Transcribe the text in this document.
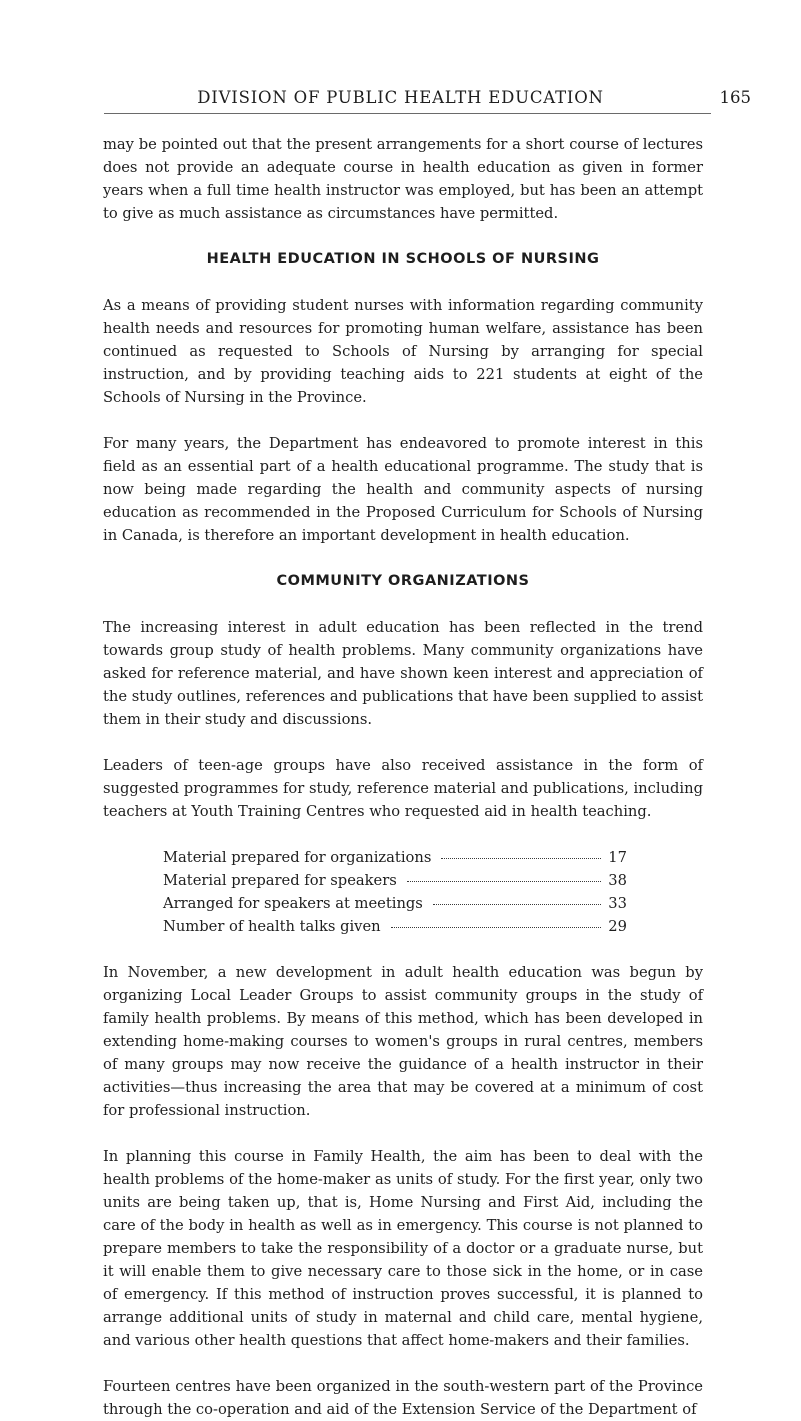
DIVISION OF PUBLIC HEALTH EDUCATION	165

may be pointed out that the present arrangements for a short course of lectures does not provide an adequate course in health education as given in former years when a full time health instructor was employed, but has been an attempt to give as much assistance as circumstances have permitted.

HEALTH EDUCATION IN SCHOOLS OF NURSING

As a means of providing student nurses with information regarding community health needs and resources for promoting human welfare, assistance has been continued as requested to Schools of Nursing by arranging for special instruction, and by providing teaching aids to 221 students at eight of the Schools of Nursing in the Province.

For many years, the Department has endeavored to promote interest in this field as an essential part of a health educational programme. The study that is now being made regarding the health and community aspects of nursing education as recommended in the Proposed Curriculum for Schools of Nursing in Canada, is therefore an important development in health education.

COMMUNITY ORGANIZATIONS

The increasing interest in adult education has been reflected in the trend towards group study of health problems. Many community organizations have asked for reference material, and have shown keen interest and appreciation of the study outlines, references and publications that have been supplied to assist them in their study and discussions.

Leaders of teen-age groups have also received assistance in the form of suggested programmes for study, reference material and publications, including teachers at Youth Training Centres who requested aid in health teaching.

Material prepared for organizations	17
Material prepared for speakers	38
Arranged for speakers at meetings	33
Number of health talks given	29

In November, a new development in adult health education was begun by organizing Local Leader Groups to assist community groups in the study of family health problems. By means of this method, which has been developed in extending home-making courses to women's groups in rural centres, members of many groups may now receive the guidance of a health instructor in their activities—thus increasing the area that may be covered at a minimum of cost for professional instruction.

In planning this course in Family Health, the aim has been to deal with the health problems of the home-maker as units of study. For the first year, only two units are being taken up, that is, Home Nursing and First Aid, including the care of the body in health as well as in emergency. This course is not planned to prepare members to take the responsibility of a doctor or a graduate nurse, but it will enable them to give necessary care to those sick in the home, or in case of emergency. If this method of instruction proves successful, it is planned to arrange additional units of study in maternal and child care, mental hygiene, and various other health questions that affect home-makers and their families.

Fourteen centres have been organized in the south-western part of the Province through the co-operation and aid of the Extension Service of the Department of
